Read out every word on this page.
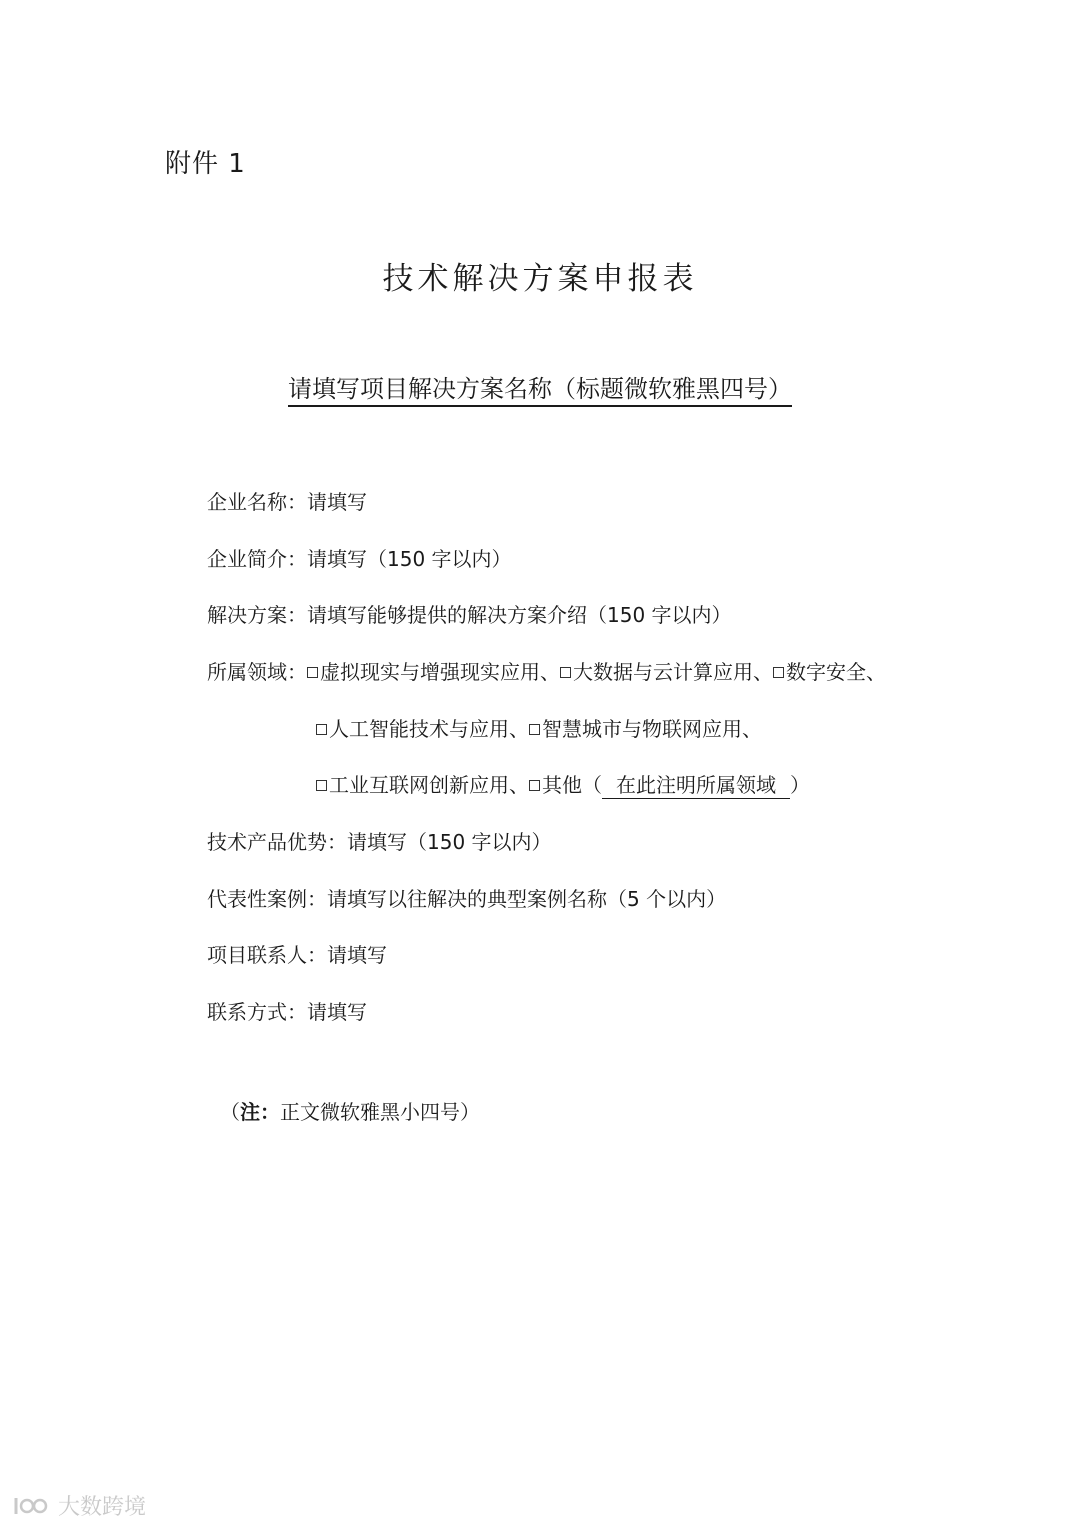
附件 1
技术解决方案申报表
请填写项目解决方案名称（标题微软雅黑四号）
企业名称：请填写
企业简介：请填写（150 字以内）
解决方案：请填写能够提供的解决方案介绍（150 字以内）
所属领域： 虚拟现实与增强现实应用、 大数据与云计算应用、 数字安全、
人工智能技术与应用、 智慧城市与物联网应用、
工业互联网创新应用、 其他（ 在此注明所属领域 ）
技术产品优势：请填写（150 字以内）
代表性案例：请填写以往解决的典型案例名称（5 个以内）
项目联系人：请填写
联系方式：请填写
（注：正文微软雅黑小四号）
大数跨境
